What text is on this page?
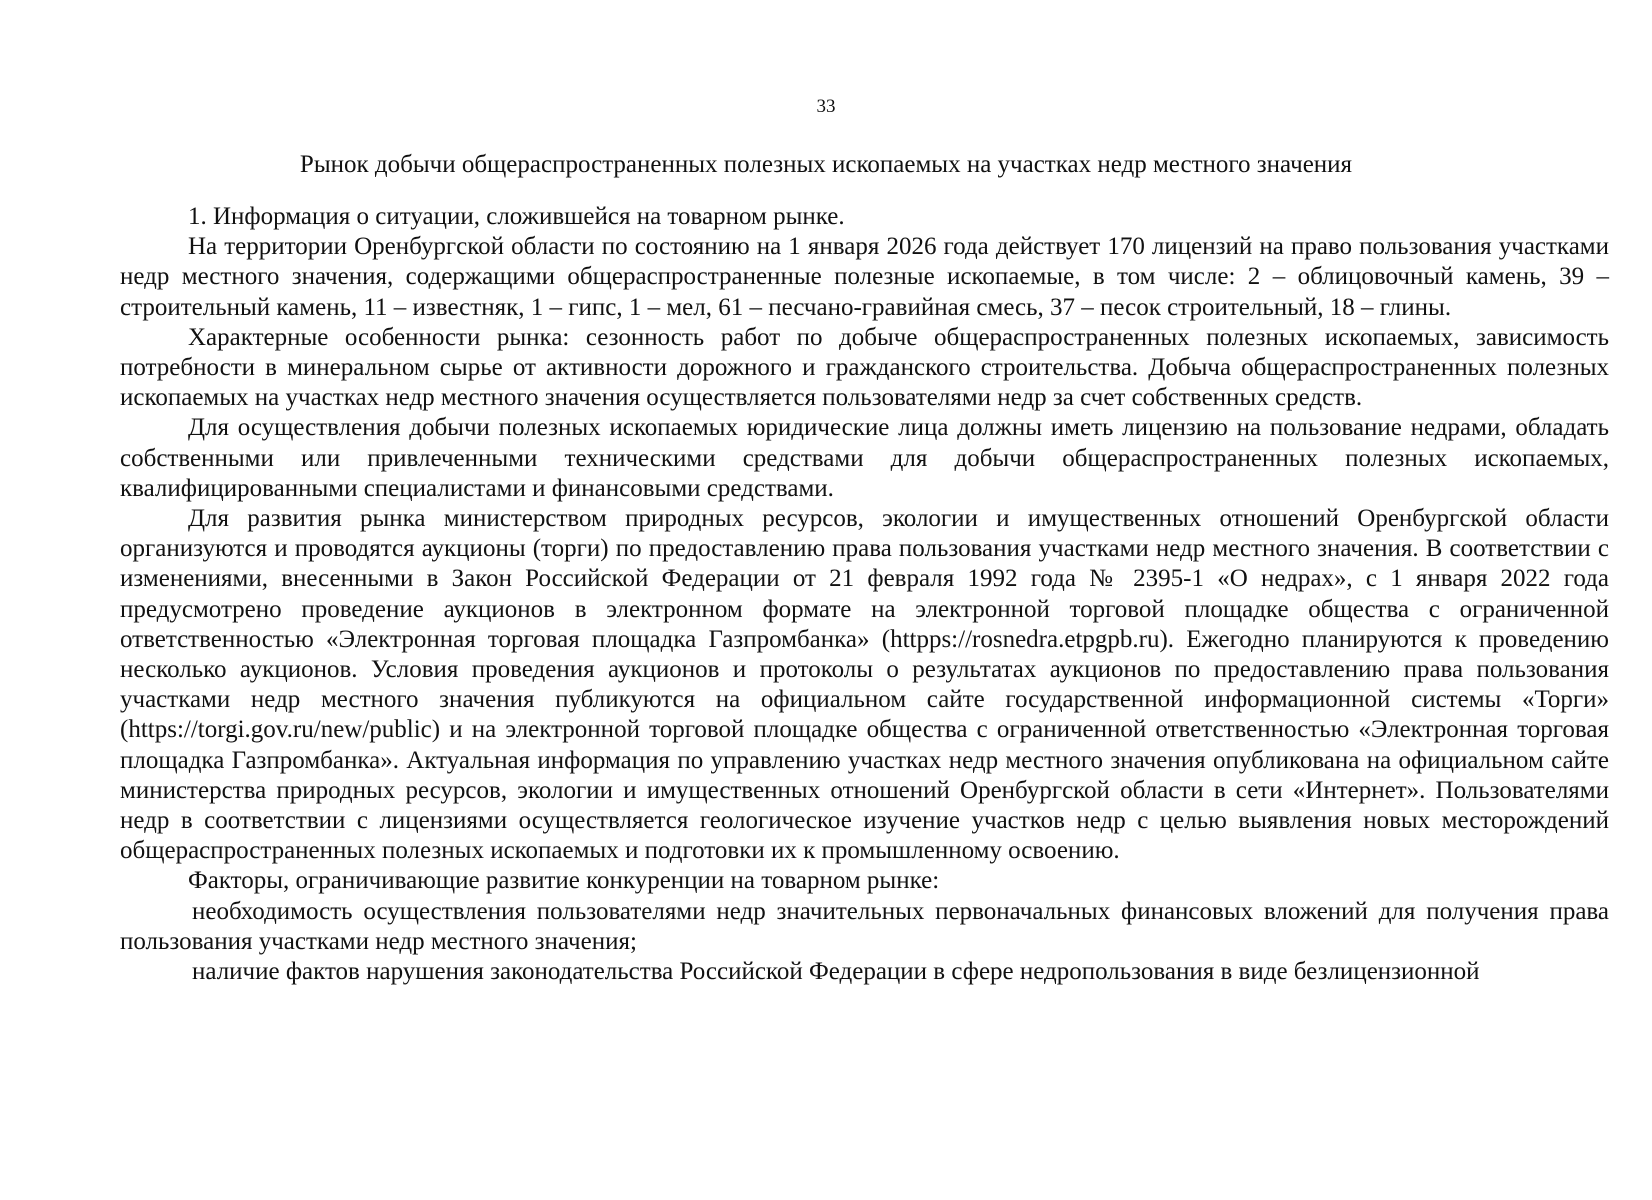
33
Рынок добычи общераспространенных полезных ископаемых на участках недр местного значения

1. Информация о ситуации, сложившейся на товарном рынке.

На территории Оренбургской области по состоянию на 1 января 2026 года действует 170 лицензий на право пользования участками недр местного значения, содержащими общераспространенные полезные ископаемые, в том числе: 2 – облицовочный камень, 39 – строительный камень, 11 – известняк, 1 – гипс, 1 – мел, 61 – песчано-гравийная смесь, 37 – песок строительный, 18 – глины.

Характерные особенности рынка: сезонность работ по добыче общераспространенных полезных ископаемых, зависимость потребности в минеральном сырье от активности дорожного и гражданского строительства. Добыча общераспространенных полезных ископаемых на участках недр местного значения осуществляется пользователями недр за счет собственных средств.

Для осуществления добычи полезных ископаемых юридические лица должны иметь лицензию на пользование недрами, обладать собственными или привлеченными техническими средствами для добычи общераспространенных полезных ископаемых, квалифицированными специалистами и финансовыми средствами.

Для развития рынка министерством природных ресурсов, экологии и имущественных отношений Оренбургской области организуются и проводятся аукционы (торги) по предоставлению права пользования участками недр местного значения. В соответствии с изменениями, внесенными в Закон Российской Федерации от 21 февраля 1992 года № 2395-1 «О недрах», с 1 января 2022 года предусмотрено проведение аукционов в электронном формате на электронной торговой площадке общества с ограниченной ответственностью «Электронная торговая площадка Газпромбанка» (httpps://rosnedra.etpgpb.ru). Ежегодно планируются к проведению несколько аукционов. Условия проведения аукционов и протоколы о результатах аукционов по предоставлению права пользования участками недр местного значения публикуются на официальном сайте государственной информационной системы «Торги» (https://torgi.gov.ru/new/public) и на электронной торговой площадке общества с ограниченной ответственностью «Электронная торговая площадка Газпромбанка». Актуальная информация по управлению участках недр местного значения опубликована на официальном сайте министерства природных ресурсов, экологии и имущественных отношений Оренбургской области в сети «Интернет». Пользователями недр в соответствии с лицензиями осуществляется геологическое изучение участков недр с целью выявления новых месторождений общераспространенных полезных ископаемых и подготовки их к промышленному освоению.

Факторы, ограничивающие развитие конкуренции на товарном рынке:

необходимость осуществления пользователями недр значительных первоначальных финансовых вложений для получения права пользования участками недр местного значения;

наличие фактов нарушения законодательства Российской Федерации в сфере недропользования в виде безлицензионной
